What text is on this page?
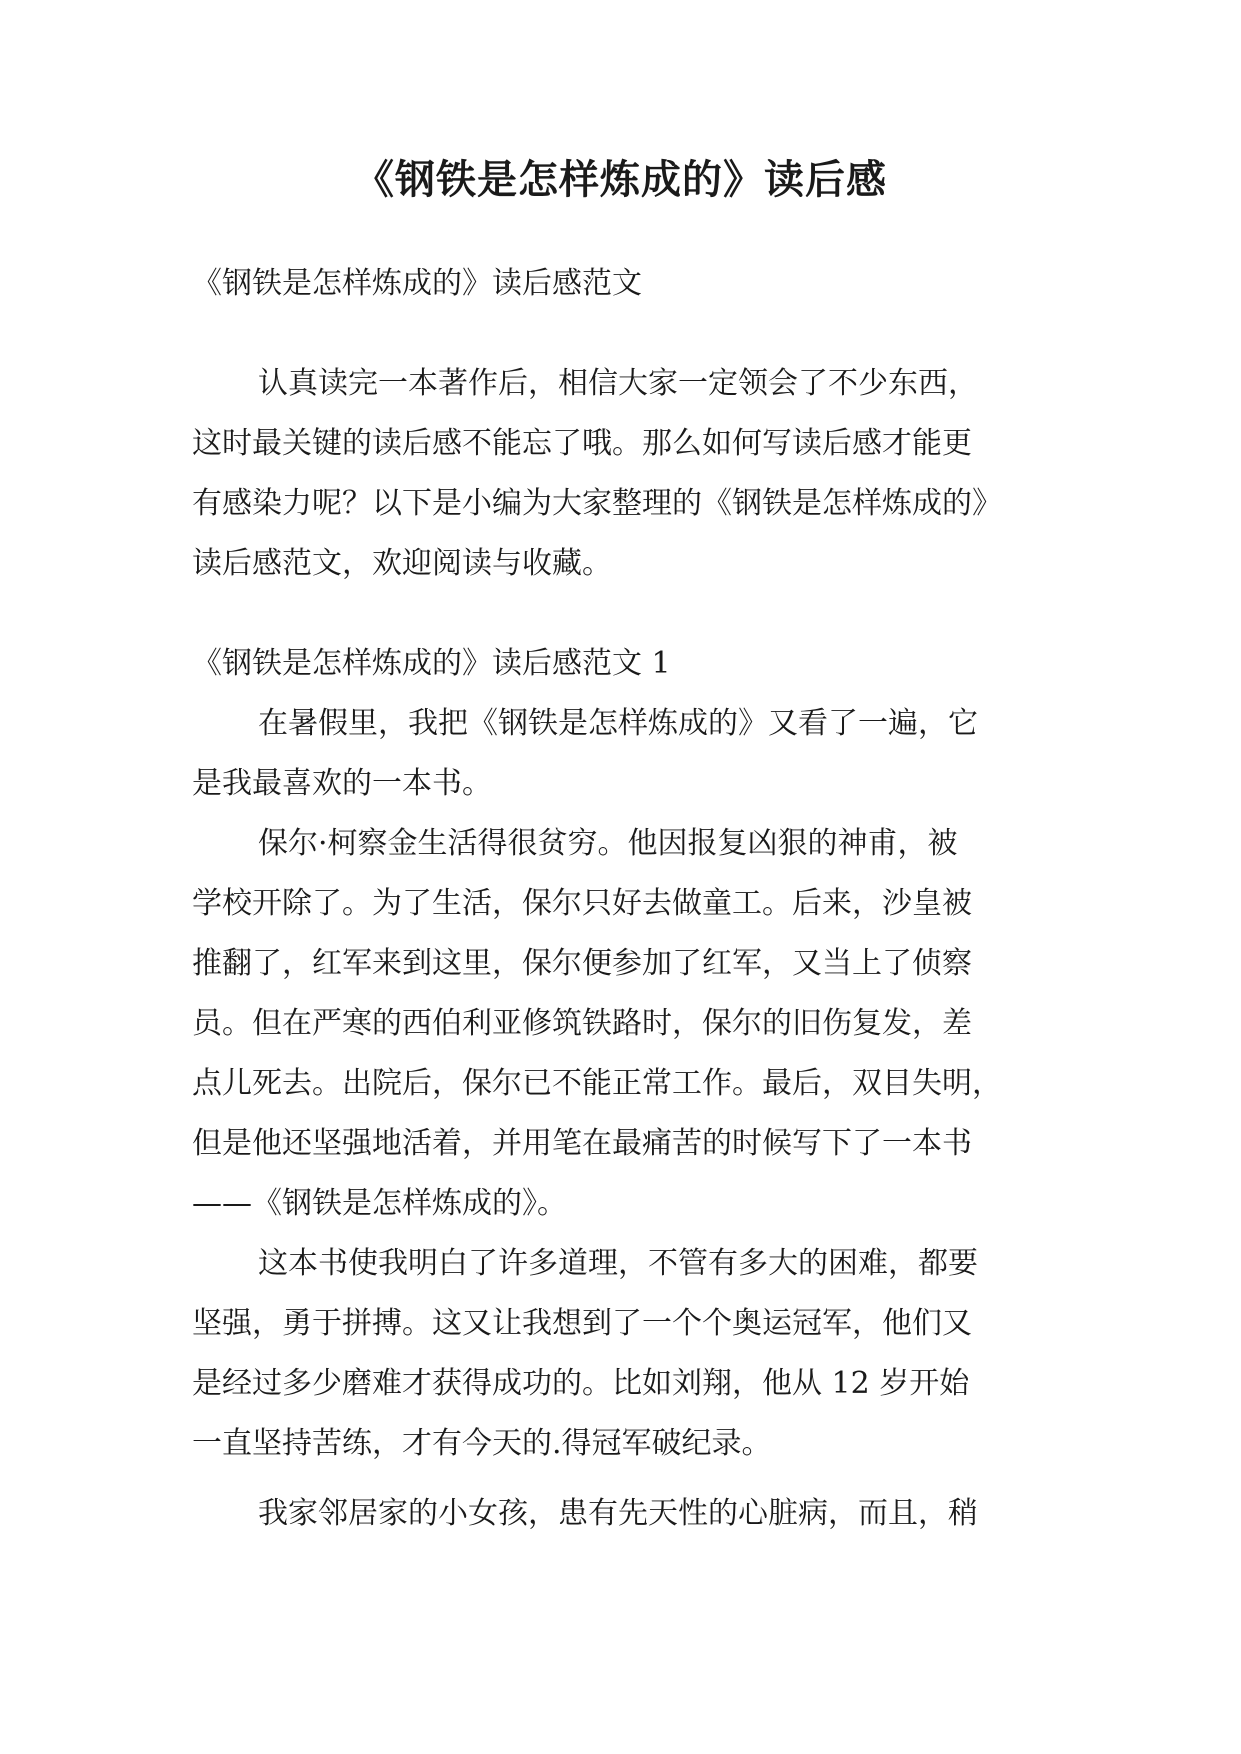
《钢铁是怎样炼成的》读后感

《钢铁是怎样炼成的》读后感范文

认真读完一本著作后，相信大家一定领会了不少东西，

这时最关键的读后感不能忘了哦。那么如何写读后感才能更

有感染力呢？以下是小编为大家整理的《钢铁是怎样炼成的》

读后感范文，欢迎阅读与收藏。

《钢铁是怎样炼成的》读后感范文 1

在暑假里，我把《钢铁是怎样炼成的》又看了一遍，它

是我最喜欢的一本书。

保尔·柯察金生活得很贫穷。他因报复凶狠的神甫，被

学校开除了。为了生活，保尔只好去做童工。后来，沙皇被

推翻了，红军来到这里，保尔便参加了红军，又当上了侦察

员。但在严寒的西伯利亚修筑铁路时，保尔的旧伤复发，差

点儿死去。出院后，保尔已不能正常工作。最后，双目失明，

但是他还坚强地活着，并用笔在最痛苦的时候写下了一本书

——《钢铁是怎样炼成的》。

这本书使我明白了许多道理，不管有多大的困难，都要

坚强，勇于拼搏。这又让我想到了一个个奥运冠军，他们又

是经过多少磨难才获得成功的。比如刘翔，他从 12 岁开始

一直坚持苦练，才有今天的.得冠军破纪录。

我家邻居家的小女孩，患有先天性的心脏病，而且，稍
